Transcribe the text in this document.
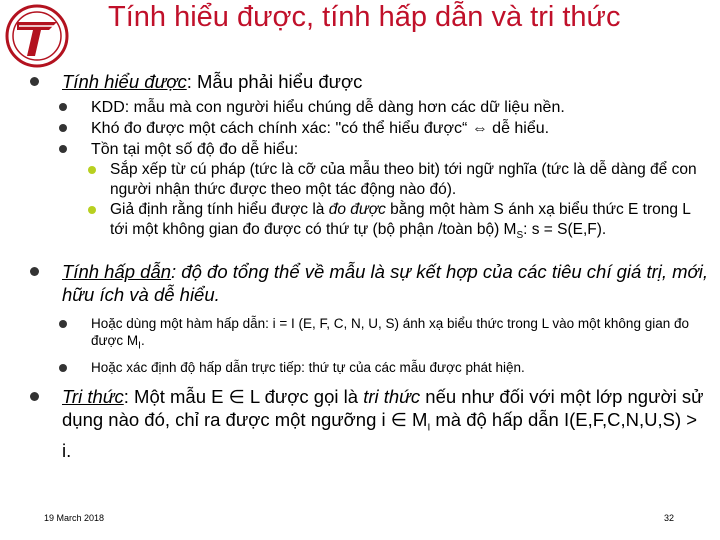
Tính hiểu được, tính hấp dẫn và tri thức
Tính hiểu được: Mẫu phải hiểu được
KDD: mẫu mà con người hiểu chúng dễ dàng hơn các dữ liệu nền.
Khó đo được một cách chính xác: "có thể hiểu được“ ⇔ dễ hiểu.
Tồn tại một số độ đo dễ hiểu:
Sắp xếp từ cú pháp (tức là cỡ của mẫu theo bit) tới ngữ nghĩa (tức là dễ dàng để con người nhận thức được theo một tác động nào đó).
Giả định rằng tính hiểu được là đo được bằng một hàm S ánh xạ biểu thức E trong L tới một không gian đo được có thứ tự (bộ phận /toàn bộ) $M_S$: s = S(E,F).
Tính hấp dẫn: độ đo tổng thể về mẫu là sự kết hợp của các tiêu chí giá trị, mới, hữu ích và dễ hiểu.
Hoặc dùng một hàm hấp dẫn: i = I (E, F, C, N, U, S) ánh xạ biểu thức trong L vào một không gian đo được $M_I$.
Hoặc xác định độ hấp dẫn trực tiếp: thứ tự của các mẫu được phát hiện.
Tri thức: Một mẫu E ∈ L được gọi là tri thức nếu như đối với một lớp người sử dụng nào đó, chỉ ra được một ngưỡng i ∈ $M_I$ mà độ hấp dẫn I(E,F,C,N,U,S) > i.
19 March 2018	32
